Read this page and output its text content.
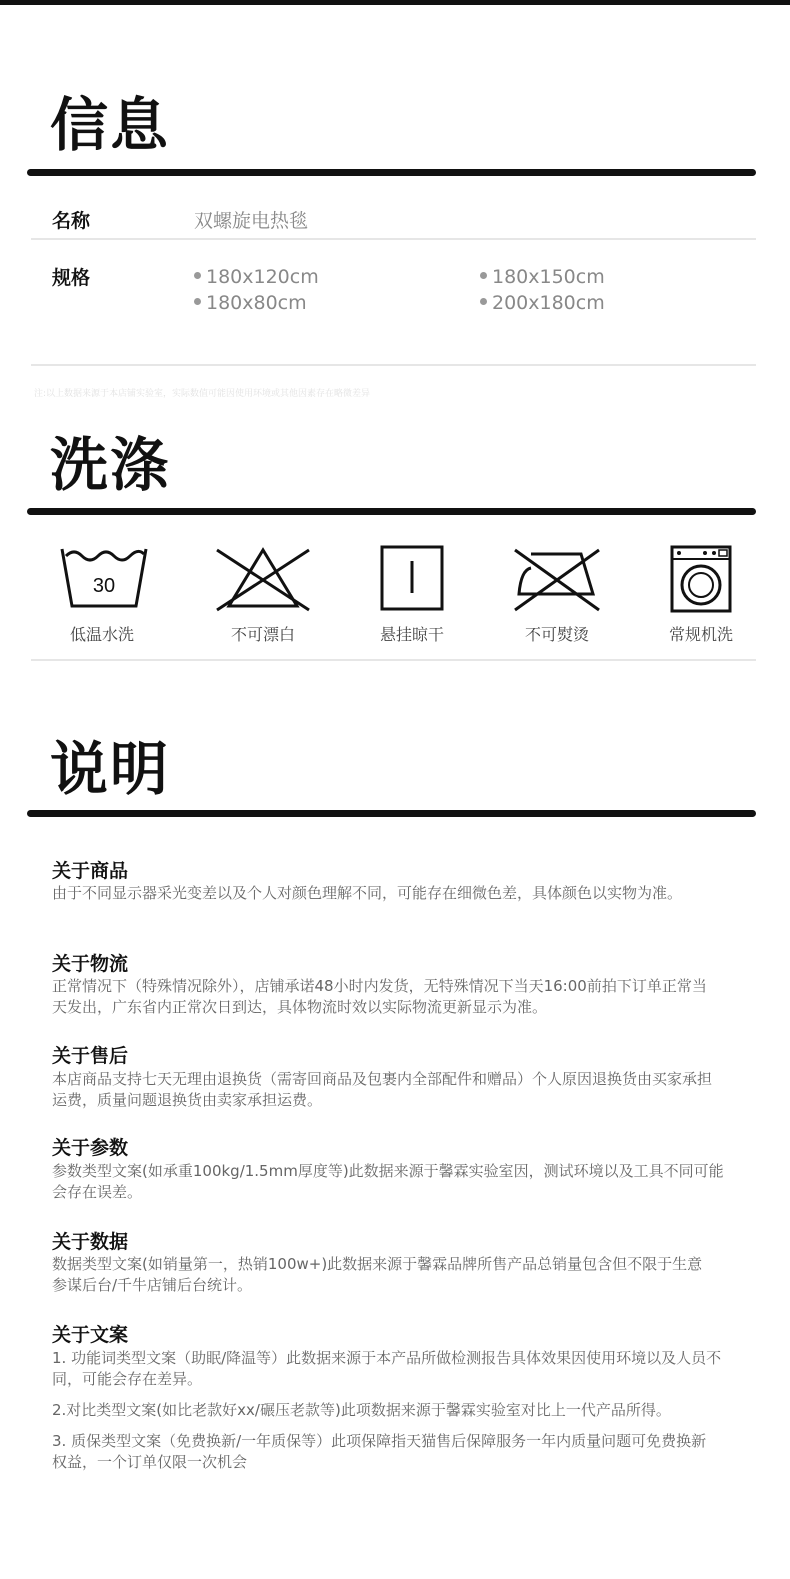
信息
名称	双螺旋电热毯
规格	180x120cm	180x150cm
180x80cm	200x180cm
注:以上数据来源于本店铺实验室，实际数值可能因使用环境或其他因素存在略微差异
洗涤
30
低温水洗	不可漂白	悬挂晾干	不可熨烫	常规机洗
说明
关于商品
由于不同显示器采光变差以及个人对颜色理解不同，可能存在细微色差，具体颜色以实物为准。
关于物流
正常情况下（特殊情况除外），店铺承诺48小时内发货，无特殊情况下当天16:00前拍下订单正常当
天发出，广东省内正常次日到达，具体物流时效以实际物流更新显示为准。
关于售后
本店商品支持七天无理由退换货（需寄回商品及包裹内全部配件和赠品）个人原因退换货由买家承担
运费，质量问题退换货由卖家承担运费。
关于参数
参数类型文案(如承重100kg/1.5mm厚度等)此数据来源于馨霖实验室因，测试环境以及工具不同可能
会存在误差。
关于数据
数据类型文案(如销量第一，热销100w+)此数据来源于馨霖品牌所售产品总销量包含但不限于生意
参谋后台/千牛店铺后台统计。
关于文案
1. 功能词类型文案（助眠/降温等）此数据来源于本产品所做检测报告具体效果因使用环境以及人员不
同，可能会存在差异。
2.对比类型文案(如比老款好xx/碾压老款等)此项数据来源于馨霖实验室对比上一代产品所得。
3. 质保类型文案（免费换新/一年质保等）此项保障指天猫售后保障服务一年内质量问题可免费换新
权益，一个订单仅限一次机会
